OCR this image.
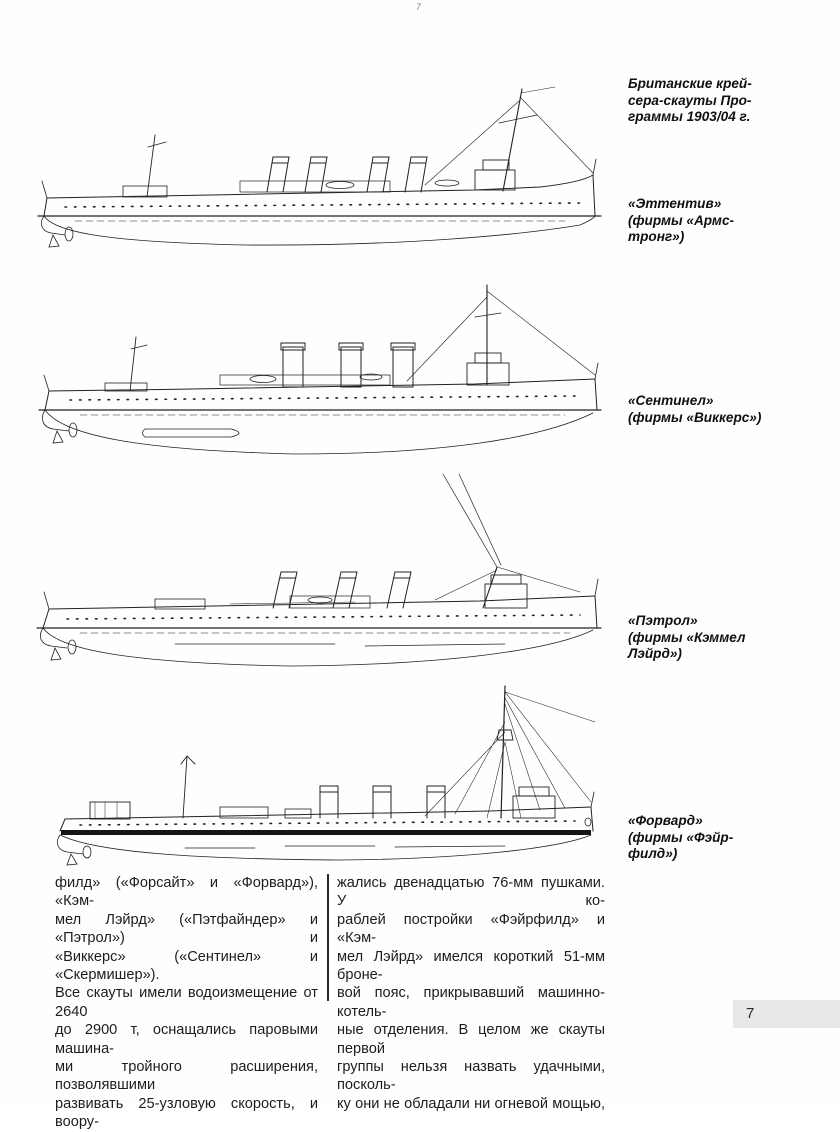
7
Британские крей-
сера-скауты Про-
граммы 1903/04 г.
«Эттентив»
(фирмы «Армс-
тронг»)
«Сентинел»
(фирмы «Виккерс»)
«Пэтрол»
(фирмы «Кэммел
Лэйрд»)
«Форвард»
(фирмы «Фэйр-
филд»)
филд» («Форсайт» и «Форвард»), «Кэм-
мел Лэйрд» («Пэтфайндер» и «Пэтрол») и
«Виккерс» («Сентинел» и «Скермишер»).
Все скауты имели водоизмещение от 2640
до 2900 т, оснащались паровыми машина-
ми тройного расширения, позволявшими
развивать 25-узловую скорость, и воору-
жались двенадцатью 76-мм пушками. У ко-
раблей постройки «Фэйрфилд» и «Кэм-
мел Лэйрд» имелся короткий 51-мм броне-
вой пояс, прикрывавший машинно-котель-
ные отделения. В целом же скауты первой
группы нельзя назвать удачными, посколь-
ку они не обладали ни огневой мощью,
7
